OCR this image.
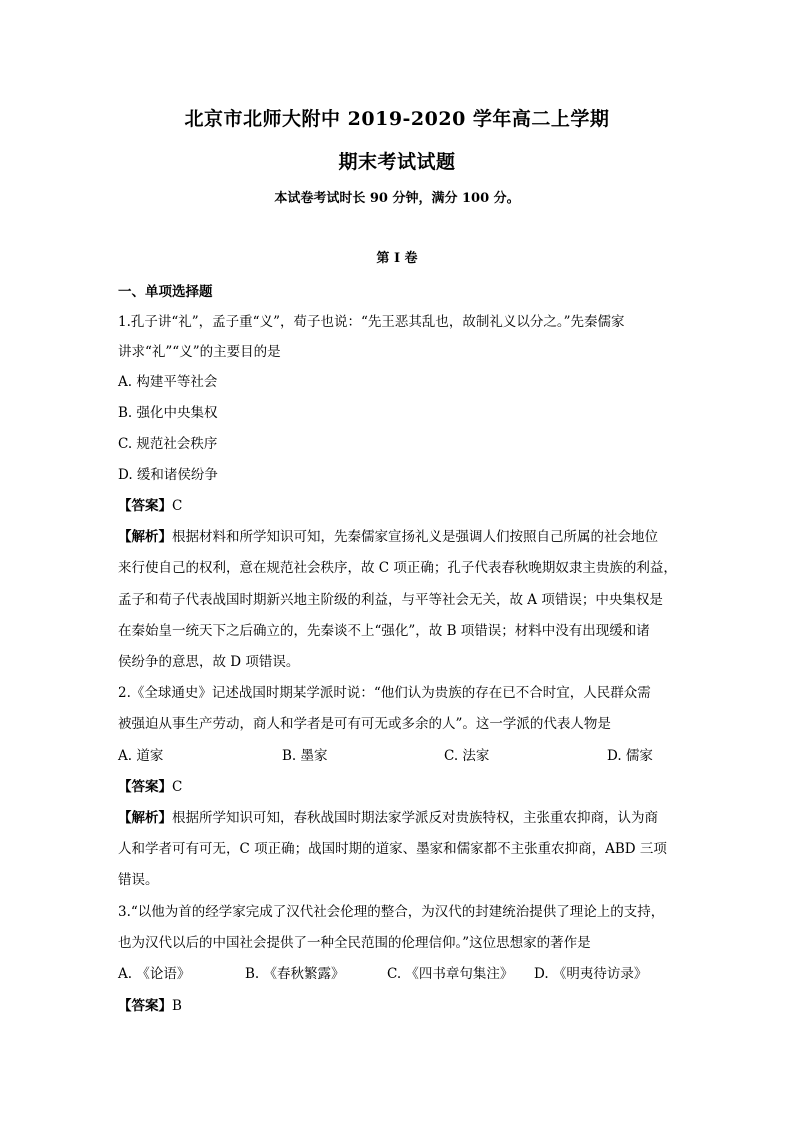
北京市北师大附中 2019-2020 学年高二上学期
期末考试试题
本试卷考试时长 90 分钟，满分 100 分。
第 I 卷
一、单项选择题
1.孔子讲“礼”，孟子重“义”，荀子也说：“先王恶其乱也，故制礼义以分之。”先秦儒家
讲求“礼”“义”的主要目的是
A. 构建平等社会
B. 强化中央集权
C. 规范社会秩序
D. 缓和诸侯纷争
【答案】C
【解析】根据材料和所学知识可知，先秦儒家宣扬礼义是强调人们按照自己所属的社会地位
来行使自己的权利，意在规范社会秩序，故 C 项正确；孔子代表春秋晚期奴隶主贵族的利益，
孟子和荀子代表战国时期新兴地主阶级的利益，与平等社会无关，故 A 项错误；中央集权是
在秦始皇一统天下之后确立的，先秦谈不上“强化”，故 B 项错误；材料中没有出现缓和诸
侯纷争的意思，故 D 项错误。
2.《全球通史》记述战国时期某学派时说：“他们认为贵族的存在已不合时宜，人民群众需
被强迫从事生产劳动，商人和学者是可有可无或多余的人”。这一学派的代表人物是
A. 道家	B. 墨家	C. 法家	D. 儒家
【答案】C
【解析】根据所学知识可知，春秋战国时期法家学派反对贵族特权，主张重农抑商，认为商
人和学者可有可无，C 项正确；战国时期的道家、墨家和儒家都不主张重农抑商，ABD 三项
错误。
3.“以他为首的经学家完成了汉代社会伦理的整合，为汉代的封建统治提供了理论上的支持，
也为汉代以后的中国社会提供了一种全民范围的伦理信仰。”这位思想家的著作是
A. 《论语》	B. 《春秋繁露》	C. 《四书章句集注》 D. 《明夷待访录》
【答案】B
